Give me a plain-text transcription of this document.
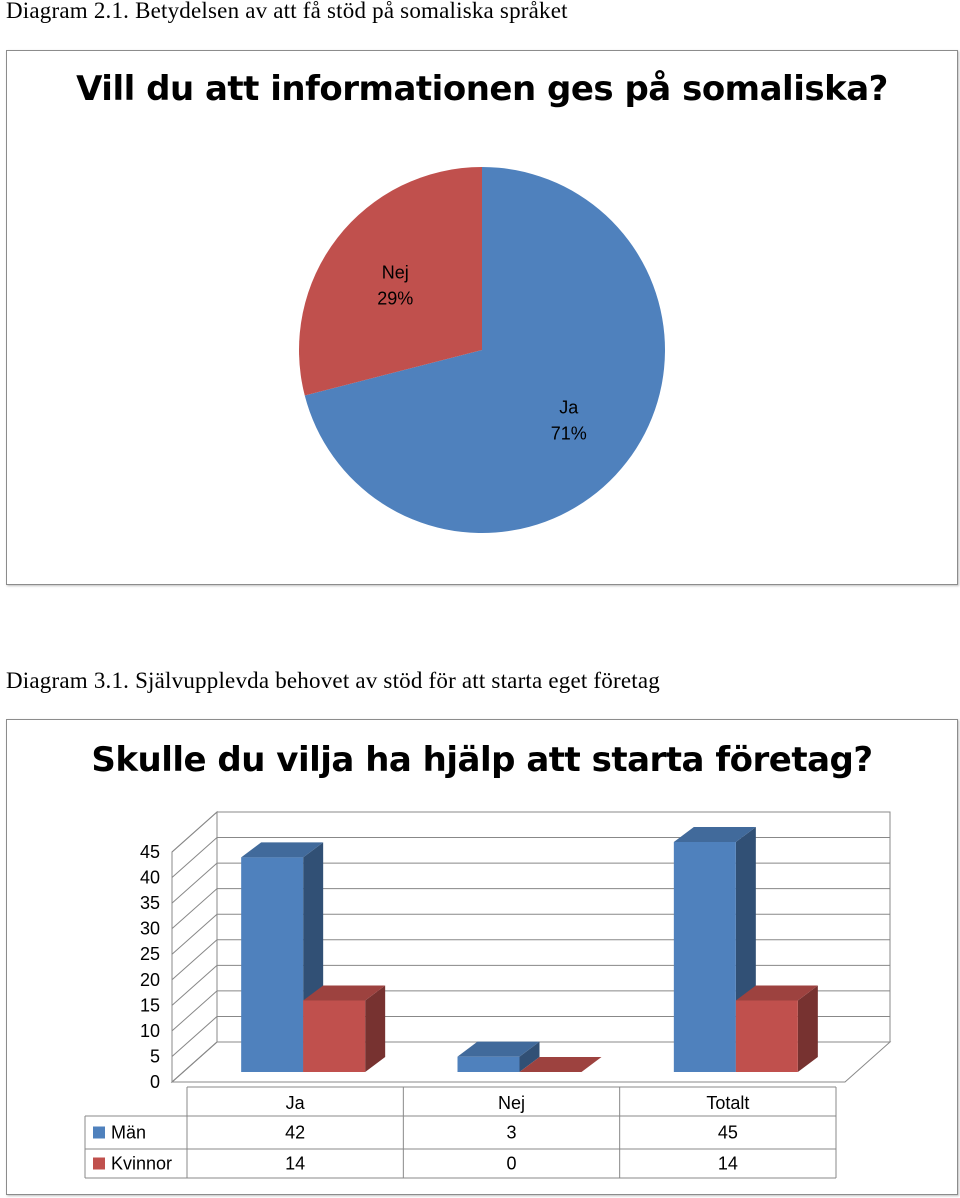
Diagram 2.1. Betydelsen av att få stöd på somaliska språket
Vill du att informationen ges på somaliska?
Ja
71%
Nej
29%
Diagram 3.1. Självupplevda behovet av stöd för att starta eget företag
Skulle du vilja ha hjälp att starta företag?
0
5
10
15
20
25
30
35
40
45
Ja	Nej	Totalt
Män	42	3	45
Kvinnor	14	0	14
